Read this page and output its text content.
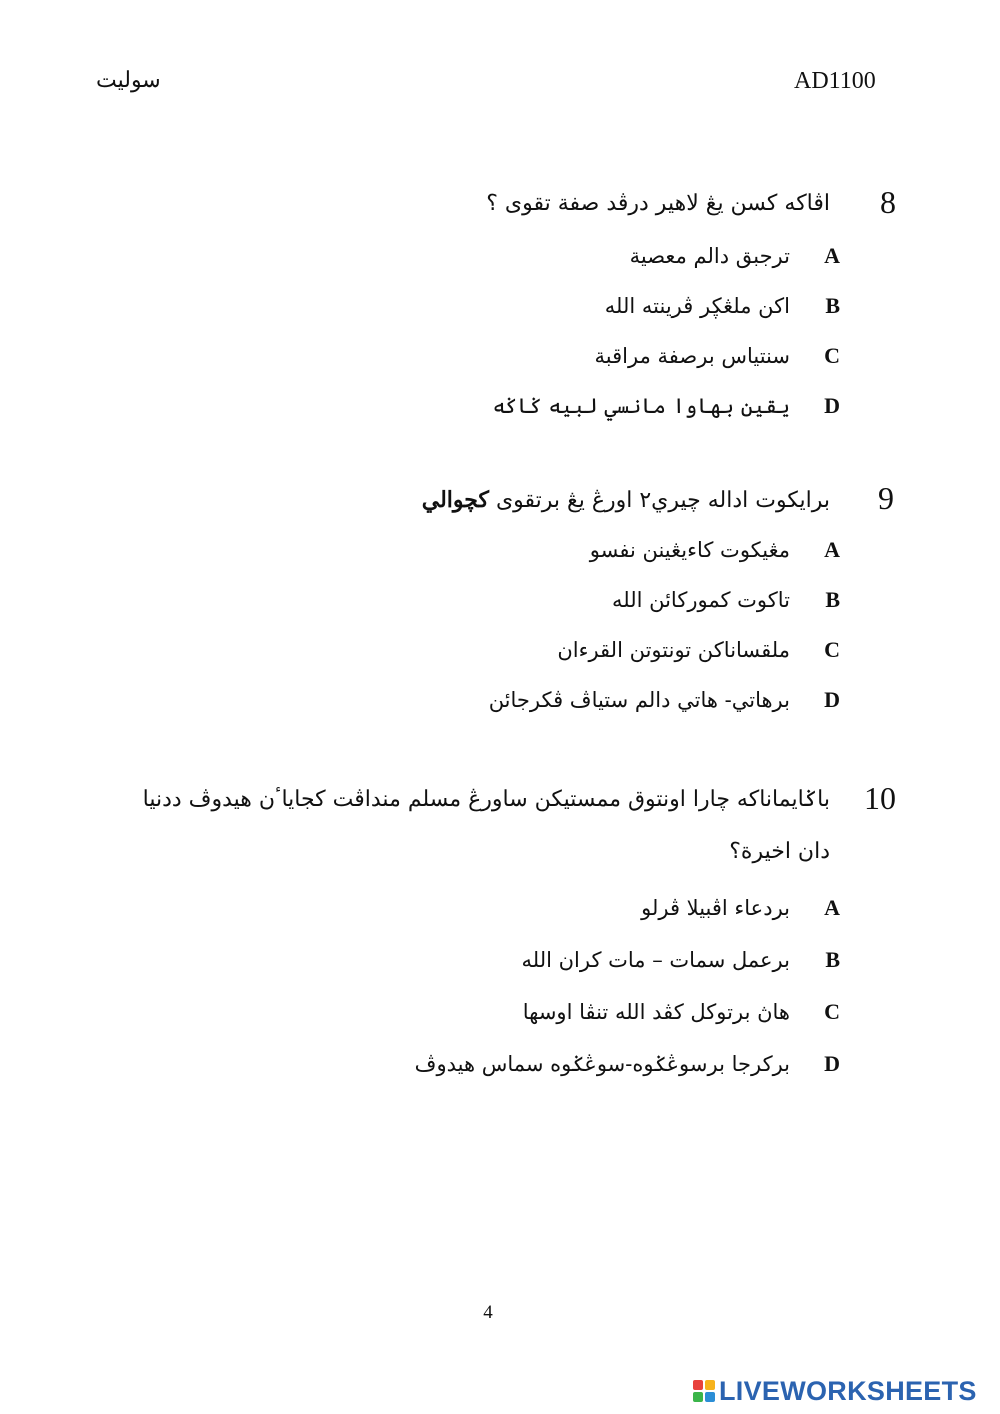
سوليت	AD1100
8
اڤاكه كسن يڠ لاهير درڤد صفة تقوى ؟
A
ترجبق دالم معصية
B
اكن ملڠڮر ڤرينته الله
C
سنتياس برصفة مراقبة
D
يقين بهاوا مانسي لبيه ݢاݢه
9
برايكوت اداله چيري٢ اورڠ يڠ برتقوى كچوالي
A
مڠيكوت كاءيڠينن نفسو
B
تاكوت كموركائن الله
C
ملقساناكن تونتوتن القرءان
D
برهاتي- هاتي دالم ستياڤ ڤكرجائن
10
باݢايماناكه چارا اونتوق ممستيكن ساورڠ مسلم منداڤت كجاياٴن هيدوڤ ددنيا
دان اخيرة؟
A
بردعاء اڤبيلا ڤرلو
B
برعمل سمات – مات كران الله
C
هاڽ برتوكل كڤد الله تنڤا اوسها
D
بركرجا برسوڠݢوه-سوڠݢوه سماس هيدوڤ
4
LIVEWORKSHEETS
